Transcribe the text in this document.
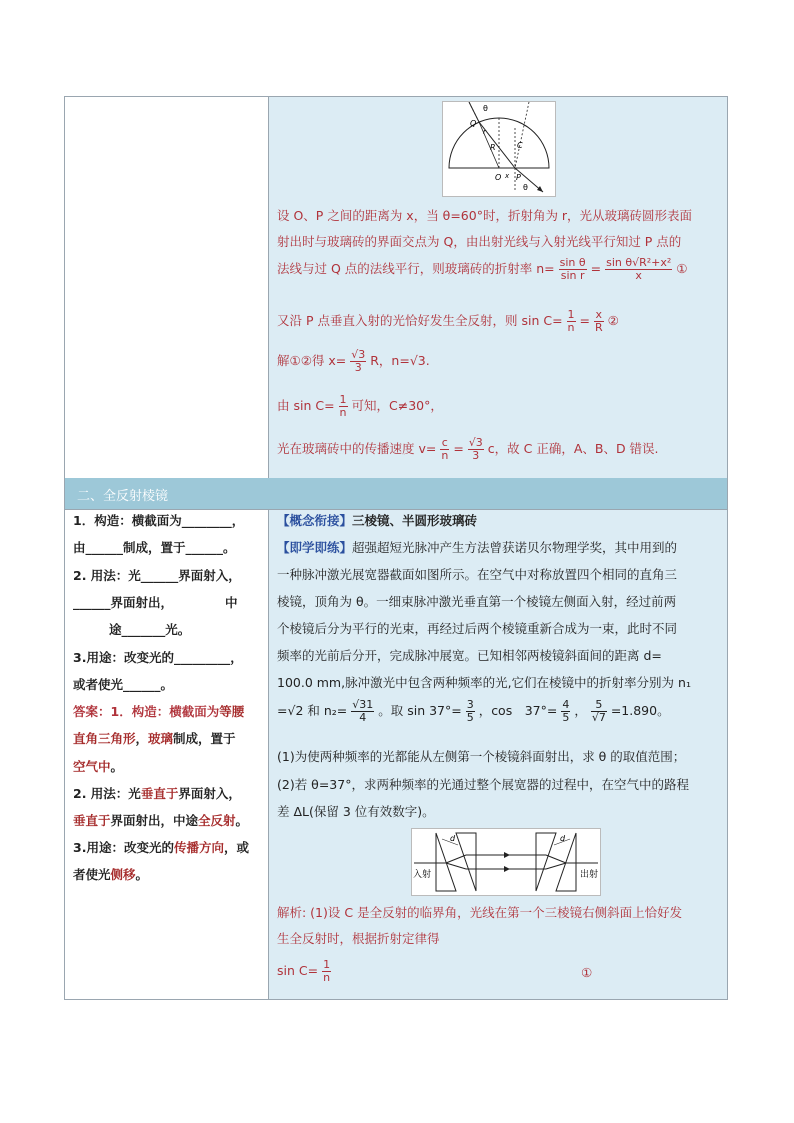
二、全反射棱镜
θ
Q
r
R	C
O x P
θ
设 O、P 之间的距离为 x，当 θ=60°时，折射角为 r，光从玻璃砖圆形表面
射出时与玻璃砖的界面交点为 Q，由出射光线与入射光线平行知过 P 点的
法线与过 Q 点的法线平行，则玻璃砖的折射率 $n= \frac{\text{sin θ}}{\text{sin r}} = \frac{\text{sin θ√R²+x²}}{x}$ ①
又沿 P 点垂直入射的光恰好发生全反射，则 $\sin C= \frac{1}{n} = \frac{x}{R}$ ②
解①②得 $x= \frac{√3}{3}$ R，n=√3.
由 $\sin C= \frac{1}{n}$ 可知，C≠30°，
光在玻璃砖中的传播速度 $v= \frac{c}{n} = \frac{√3}{3}$ c，故 C 正确，A、B、D 错误.
1．构造：横截面为________，
由______制成，置于______。
2. 用法：光______界面射入，
______界面射出，	中
途_______光。
3.用途：改变光的_________，
或者使光______。
答案：1．构造：横截面为等腰
直角三角形，玻璃制成，置于
空气中。
2. 用法：光垂直于界面射入，
垂直于界面射出，中途全反射。
3.用途：改变光的传播方向，或
者使光侧移。
【概念衔接】三棱镜、半圆形玻璃砖
【即学即练】超强超短光脉冲产生方法曾获诺贝尔物理学奖，其中用到的
一种脉冲激光展宽器截面如图所示。在空气中对称放置四个相同的直角三
棱镜，顶角为 θ。一细束脉冲激光垂直第一个棱镜左侧面入射，经过前两
个棱镜后分为平行的光束，再经过后两个棱镜重新合成为一束，此时不同
频率的光前后分开，完成脉冲展宽。已知相邻两棱镜斜面间的距离 d=
100.0 mm,脉冲激光中包含两种频率的光,它们在棱镜中的折射率分别为 n₁
=√2 和 $n_2= \frac{√31}{4}$ 。取 $\sin 37^\circ= \frac{3}{5}$ ，cos　$37^\circ= \frac{4}{5}$ ， $\frac{5}{√7} =1.890$。
(1)为使两种频率的光都能从左侧第一个棱镜斜面射出，求 θ 的取值范围；
(2)若 θ=37°，求两种频率的光通过整个展宽器的过程中，在空气中的路程
差 ΔL(保留 3 位有效数字)。
入射	出射
d	d
解析: (1)设 C 是全反射的临界角，光线在第一个三棱镜右侧斜面上恰好发
生全反射时，根据折射定律得
$\sin C= \frac{1}{n}$	①
